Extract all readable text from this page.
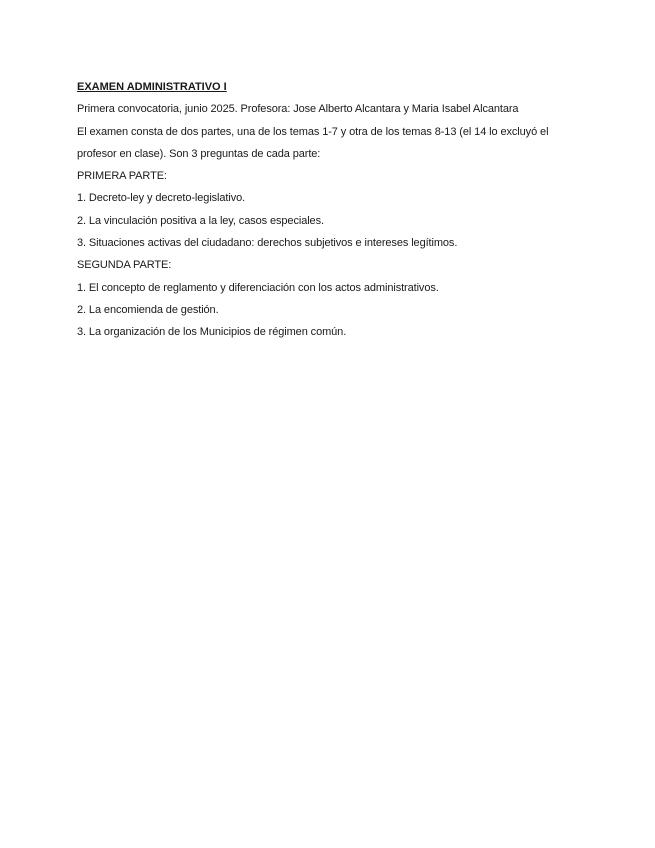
EXAMEN ADMINISTRATIVO I
Primera convocatoria, junio 2025. Profesora: Jose Alberto Alcantara y Maria Isabel Alcantara
El examen consta de dos partes, una de los temas 1-7 y otra de los temas 8-13 (el 14 lo excluyó el
profesor en clase). Son 3 preguntas de cada parte:
PRIMERA PARTE:
1. Decreto-ley y decreto-legislativo.
2. La vinculación positiva a la ley, casos especiales.
3. Situaciones activas del ciudadano: derechos subjetivos e intereses legítimos.
SEGUNDA PARTE:
1. El concepto de reglamento y diferenciación con los actos administrativos.
2. La encomienda de gestión.
3. La organización de los Municipios de régimen común.
